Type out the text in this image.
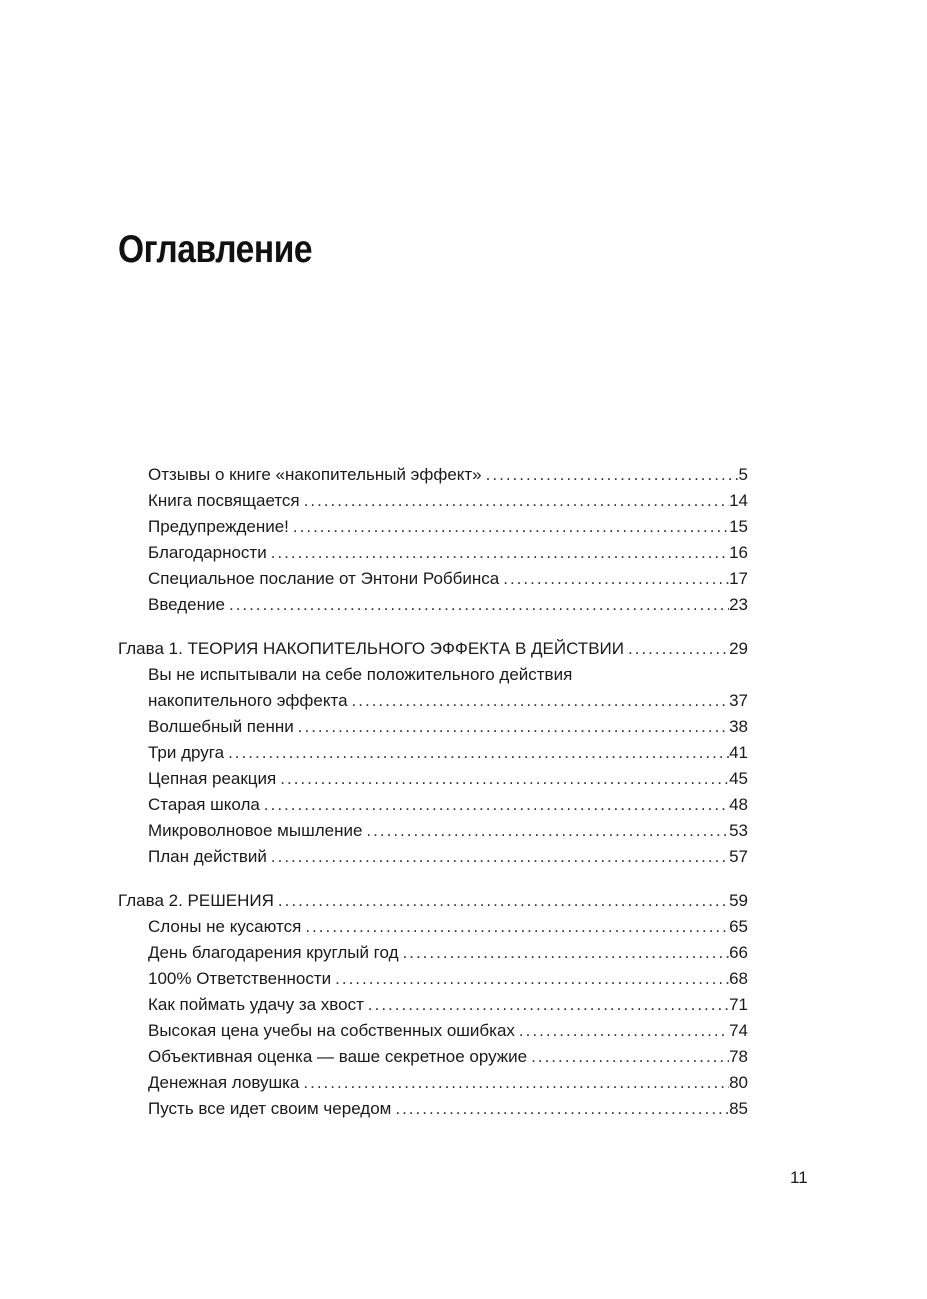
Оглавление
Отзывы о книге «накопительный эффект» .....	5
Книга посвящается .....	14
Предупреждение! .....	15
Благодарности .....	16
Специальное послание от Энтони Роббинса .....	17
Введение .....	23
Глава 1. ТЕОРИЯ НАКОПИТЕЛЬНОГО ЭФФЕКТА В ДЕЙСТВИИ .....	29
Вы не испытывали на себе положительного действия
накопительного эффекта .....	37
Волшебный пенни .....	38
Три друга .....	41
Цепная реакция .....	45
Старая школа .....	48
Микроволновое мышление .....	53
План действий .....	57
Глава 2. РЕШЕНИЯ .....	59
Слоны не кусаются .....	65
День благодарения круглый год .....	66
100% Ответственности .....	68
Как поймать удачу за хвост .....	71
Высокая цена учебы на собственных ошибках .....	74
Объективная оценка — ваше секретное оружие .....	78
Денежная ловушка .....	80
Пусть все идет своим чередом .....	85
11
